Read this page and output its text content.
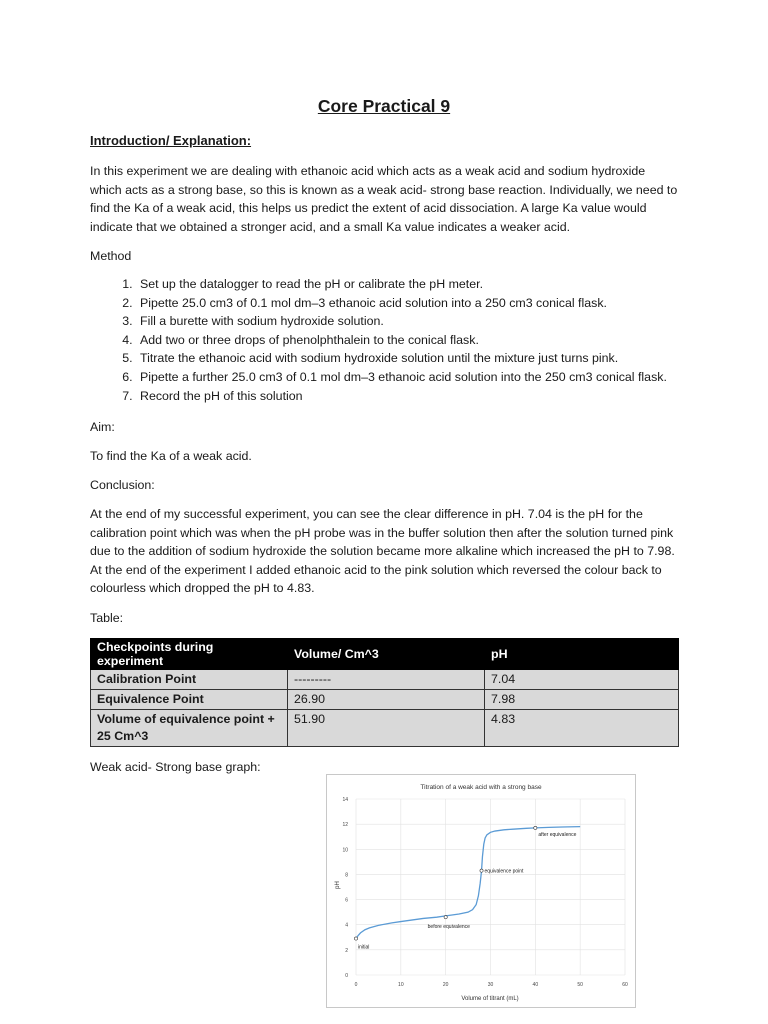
Core Practical 9
Introduction/ Explanation:
In this experiment we are dealing with ethanoic acid which acts as a weak acid and sodium hydroxide which acts as a strong base, so this is known as a weak acid- strong base reaction. Individually, we need to find the Ka of a weak acid, this helps us predict the extent of acid dissociation. A large Ka value would indicate that we obtained a stronger acid, and a small Ka value indicates a weaker acid.
Method
1. Set up the datalogger to read the pH or calibrate the pH meter.
2. Pipette 25.0 cm3 of 0.1 mol dm–3 ethanoic acid solution into a 250 cm3 conical flask.
3. Fill a burette with sodium hydroxide solution.
4. Add two or three drops of phenolphthalein to the conical flask.
5. Titrate the ethanoic acid with sodium hydroxide solution until the mixture just turns pink.
6. Pipette a further 25.0 cm3 of 0.1 mol dm–3 ethanoic acid solution into the 250 cm3 conical flask.
7. Record the pH of this solution
Aim:
To find the Ka of a weak acid.
Conclusion:
At the end of my successful experiment, you can see the clear difference in pH. 7.04 is the pH for the calibration point which was when the pH probe was in the buffer solution then after the solution turned pink due to the addition of sodium hydroxide the solution became more alkaline which increased the pH to 7.98. At the end of the experiment I added ethanoic acid to the pink solution which reversed the colour back to colourless which dropped the pH to 4.83.
Table:
Checkpoints during experiment	Volume/ Cm^3	pH
Calibration Point	---------	7.04
Equivalence Point	26.90	7.98
Volume of equivalence point + 25 Cm^3	51.90	4.83
Weak acid- Strong base graph:
Titration of a weak acid with a strong base
0
2
4
6
8
10
12
14
0	10	20	30	40	50	60
initial
before equivalence
equivalence point
after equivalence
Volume of titrant (mL)
pH
